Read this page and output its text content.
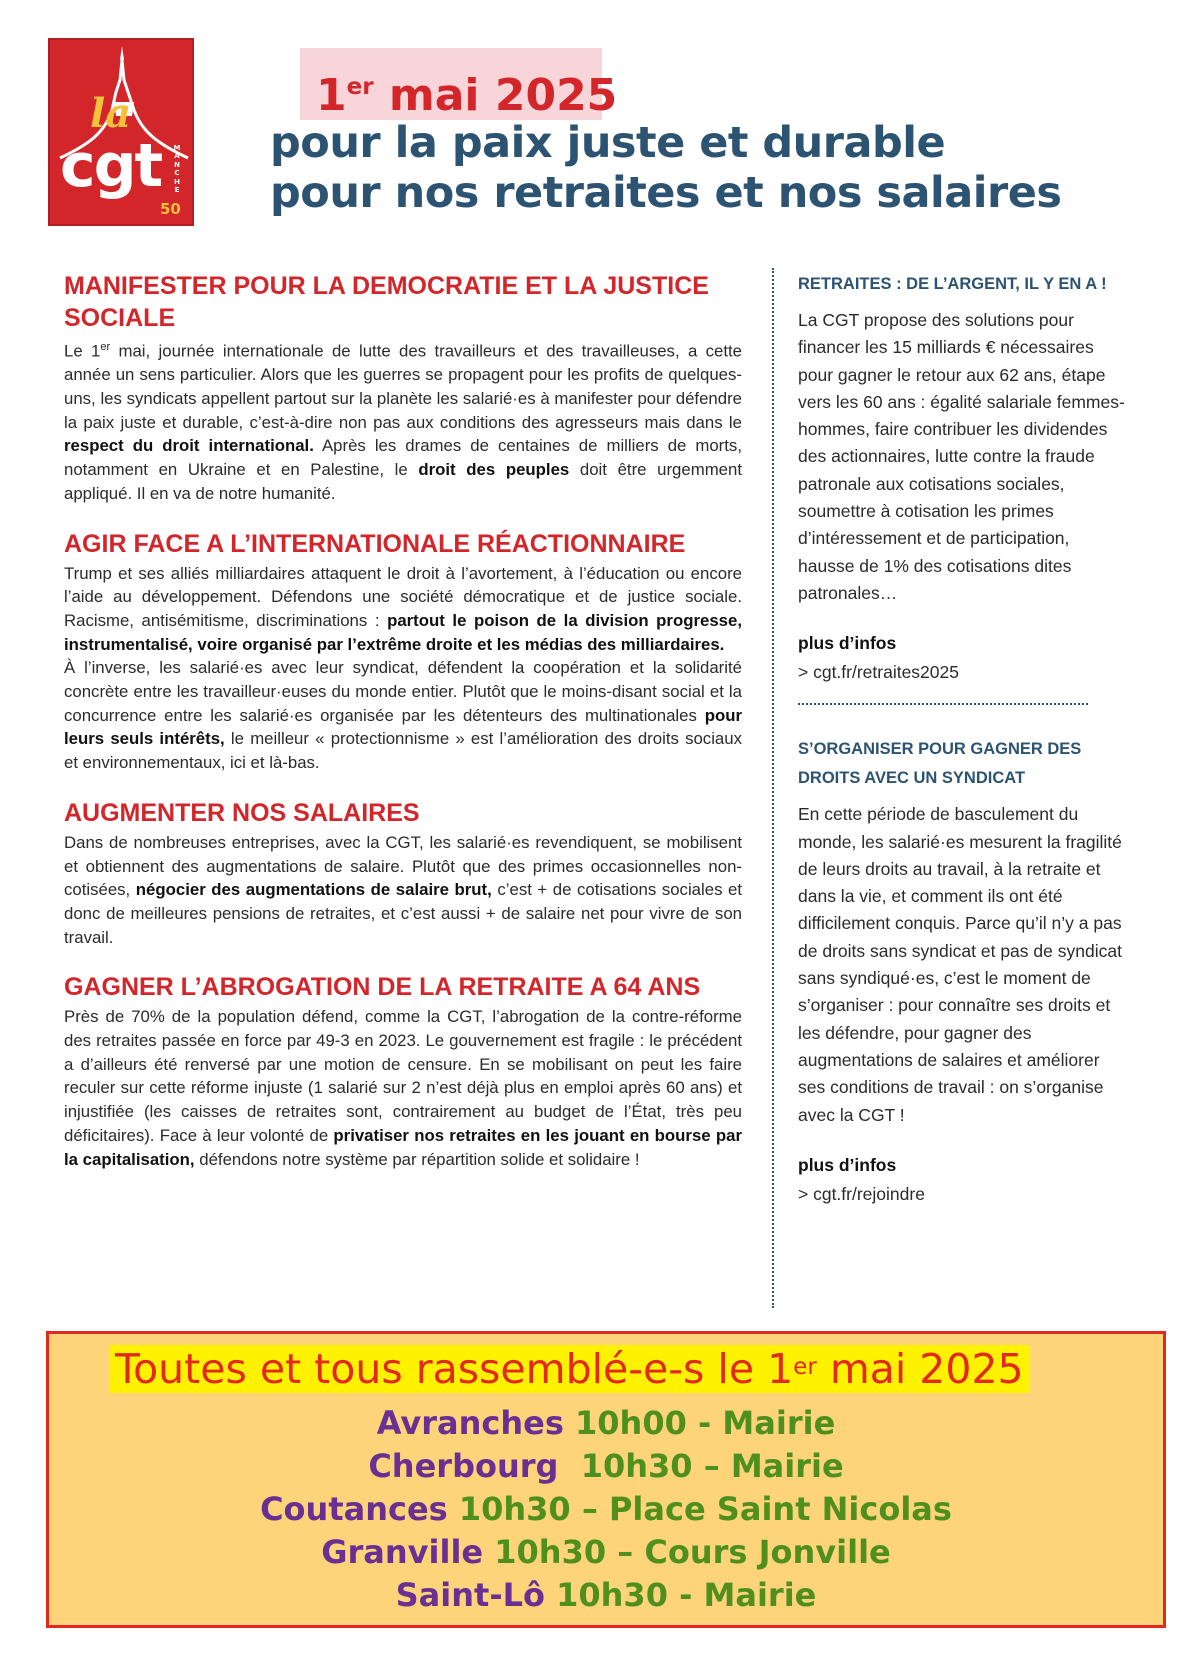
la
cgt MANCHE
50
1er mai 2025
pour la paix juste et durable
pour nos retraites et nos salaires
MANIFESTER POUR LA DEMOCRATIE ET LA JUSTICE SOCIALE

Le 1er mai, journée internationale de lutte des travailleurs et des travailleuses, a cette année un sens particulier. Alors que les guerres se propagent pour les profits de quelques-uns, les syndicats appellent partout sur la planète les salarié·es à manifester pour défendre la paix juste et durable, c’est-à-dire non pas aux conditions des agresseurs mais dans le respect du droit international. Après les drames de centaines de milliers de morts, notamment en Ukraine et en Palestine, le droit des peuples doit être urgemment appliqué. Il en va de notre humanité.

AGIR FACE A L’INTERNATIONALE RÉACTIONNAIRE

Trump et ses alliés milliardaires attaquent le droit à l’avortement, à l’éducation ou encore l’aide au développement. Défendons une société démocratique et de justice sociale. Racisme, antisémitisme, discriminations : partout le poison de la division progresse, instrumentalisé, voire organisé par l’extrême droite et les médias des milliardaires.

À l’inverse, les salarié·es avec leur syndicat, défendent la coopération et la solidarité concrète entre les travailleur·euses du monde entier. Plutôt que le moins-disant social et la concurrence entre les salarié·es organisée par les détenteurs des multinationales pour leurs seuls intérêts, le meilleur « protectionnisme » est l’amélioration des droits sociaux et environnementaux, ici et là-bas.

AUGMENTER NOS SALAIRES

Dans de nombreuses entreprises, avec la CGT, les salarié·es revendiquent, se mobilisent et obtiennent des augmentations de salaire. Plutôt que des primes occasionnelles non-cotisées, négocier des augmentations de salaire brut, c’est + de cotisations sociales et donc de meilleures pensions de retraites, et c’est aussi + de salaire net pour vivre de son travail.

GAGNER L’ABROGATION DE LA RETRAITE A 64 ANS

Près de 70% de la population défend, comme la CGT, l’abrogation de la contre-réforme des retraites passée en force par 49-3 en 2023. Le gouvernement est fragile : le précédent a d’ailleurs été renversé par une motion de censure. En se mobilisant on peut les faire reculer sur cette réforme injuste (1 salarié sur 2 n’est déjà plus en emploi après 60 ans) et injustifiée (les caisses de retraites sont, contrairement au budget de l’État, très peu déficitaires). Face à leur volonté de privatiser nos retraites en les jouant en bourse par la capitalisation, défendons notre système par répartition solide et solidaire !

RETRAITES : DE L’ARGENT, IL Y EN A !

La CGT propose des solutions pour financer les 15 milliards € nécessaires pour gagner le retour aux 62 ans, étape vers les 60 ans : égalité salariale femmes-hommes, faire contribuer les dividendes des actionnaires, lutte contre la fraude patronale aux cotisations sociales, soumettre à cotisation les primes d’intéressement et de participation, hausse de 1% des cotisations dites patronales…

plus d’infos
> cgt.fr/retraites2025
S’ORGANISER POUR GAGNER DES DROITS AVEC UN SYNDICAT

En cette période de basculement du monde, les salarié·es mesurent la fragilité de leurs droits au travail, à la retraite et dans la vie, et comment ils ont été difficilement conquis. Parce qu’il n’y a pas de droits sans syndicat et pas de syndicat sans syndiqué·es, c’est le moment de s’organiser : pour connaître ses droits et les défendre, pour gagner des augmentations de salaires et améliorer ses conditions de travail : on s’organise avec la CGT !

plus d’infos
> cgt.fr/rejoindre
Toutes et tous rassemblé-e-s le 1er mai 2025
Avranches 10h00 - Mairie
Cherbourg  10h30 – Mairie
Coutances 10h30 – Place Saint Nicolas
Granville 10h30 – Cours Jonville
Saint-Lô 10h30 - Mairie
